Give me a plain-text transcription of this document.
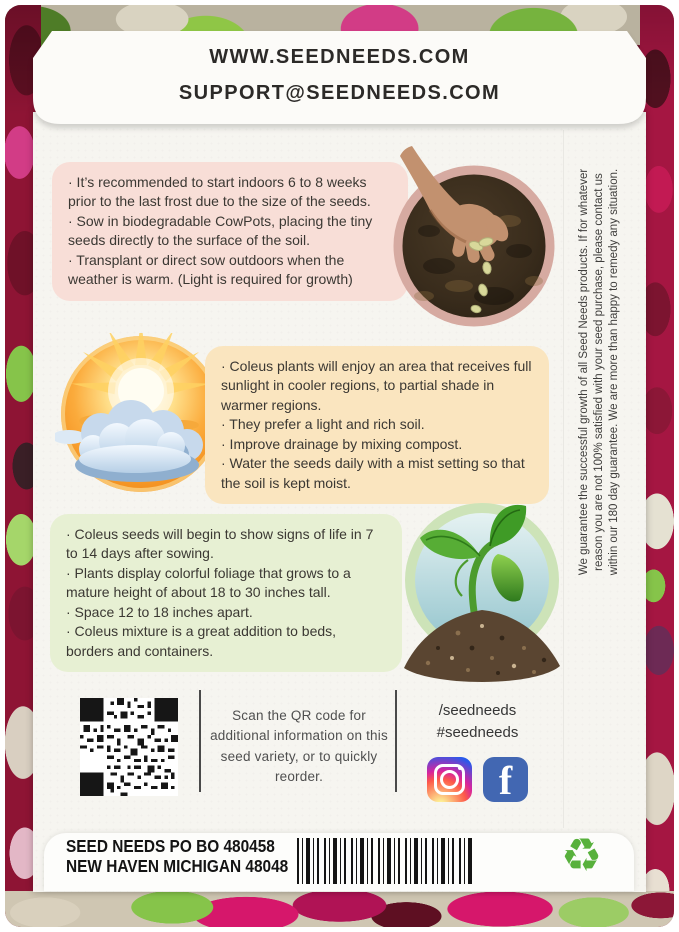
WWW.SEEDNEEDS.COM
SUPPORT@SEEDNEEDS.COM

· It’s recommended to start indoors 6 to 8 weeks prior to the last frost due to the size of the seeds.

· Sow in biodegradable CowPots, placing the tiny seeds directly to the surface of the soil.

· Transplant or direct sow outdoors when the weather is warm. (Light is required for growth)

· Coleus plants will enjoy an area that receives full sunlight in cooler regions, to partial shade in warmer regions.

· They prefer a light and rich soil.

· Improve drainage by mixing compost.

· Water the seeds daily with a mist setting so that the soil is kept moist.

· Coleus seeds will begin to show signs of life in 7 to 14 days after sowing.

· Plants display colorful foliage that grows to a mature height of about 18 to 30 inches tall.

· Space 12 to 18 inches apart.

· Coleus mixture is a great addition to beds, borders and containers.

Scan the QR code for additional information on this seed variety, or to quickly reorder.
/seedneeds
#seedneeds
f
We guarantee the successful growth of all Seed Needs products. If for whatever reason you are not 100% satisfied with your seed purchase, please contact us within our 180 day guarantee. We are more than happy to remedy any situation.
SEED NEEDS PO BO 480458
NEW HAVEN MICHIGAN 48048	♻
